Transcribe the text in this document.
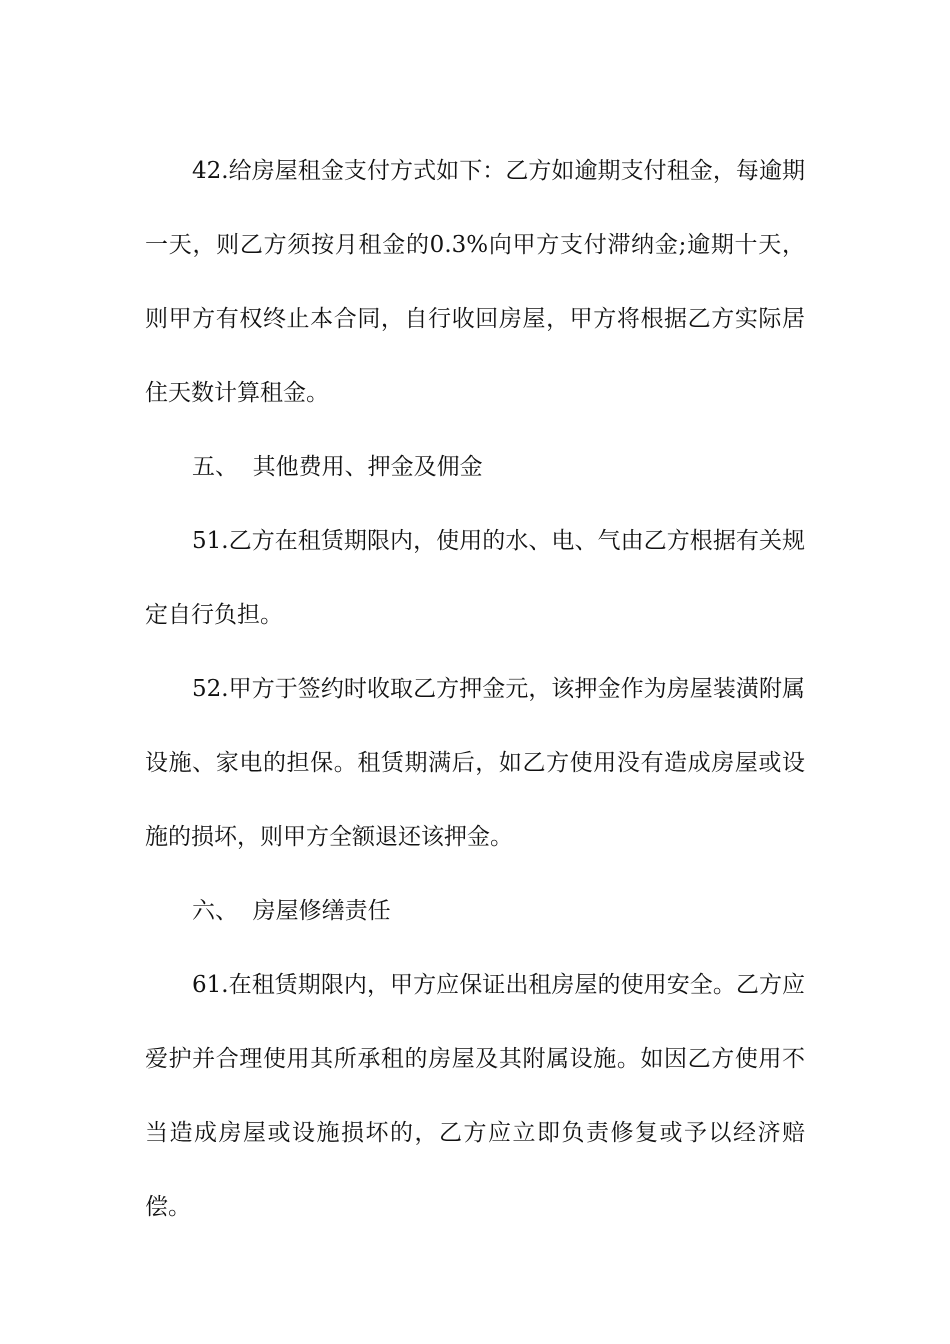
42.给房屋租金支付方式如下：乙方如逾期支付租金，每逾期一天，则乙方须按月租金的0.3%向甲方支付滞纳金;逾期十天，则甲方有权终止本合同，自行收回房屋，甲方将根据乙方实际居住天数计算租金。

五、  其他费用、押金及佣金

51.乙方在租赁期限内，使用的水、电、气由乙方根据有关规定自行负担。

52.甲方于签约时收取乙方押金元，该押金作为房屋装潢附属设施、家电的担保。租赁期满后，如乙方使用没有造成房屋或设施的损坏，则甲方全额退还该押金。

六、  房屋修缮责任

61.在租赁期限内，甲方应保证出租房屋的使用安全。乙方应爱护并合理使用其所承租的房屋及其附属设施。如因乙方使用不当造成房屋或设施损坏的，乙方应立即负责修复或予以经济赔偿。
